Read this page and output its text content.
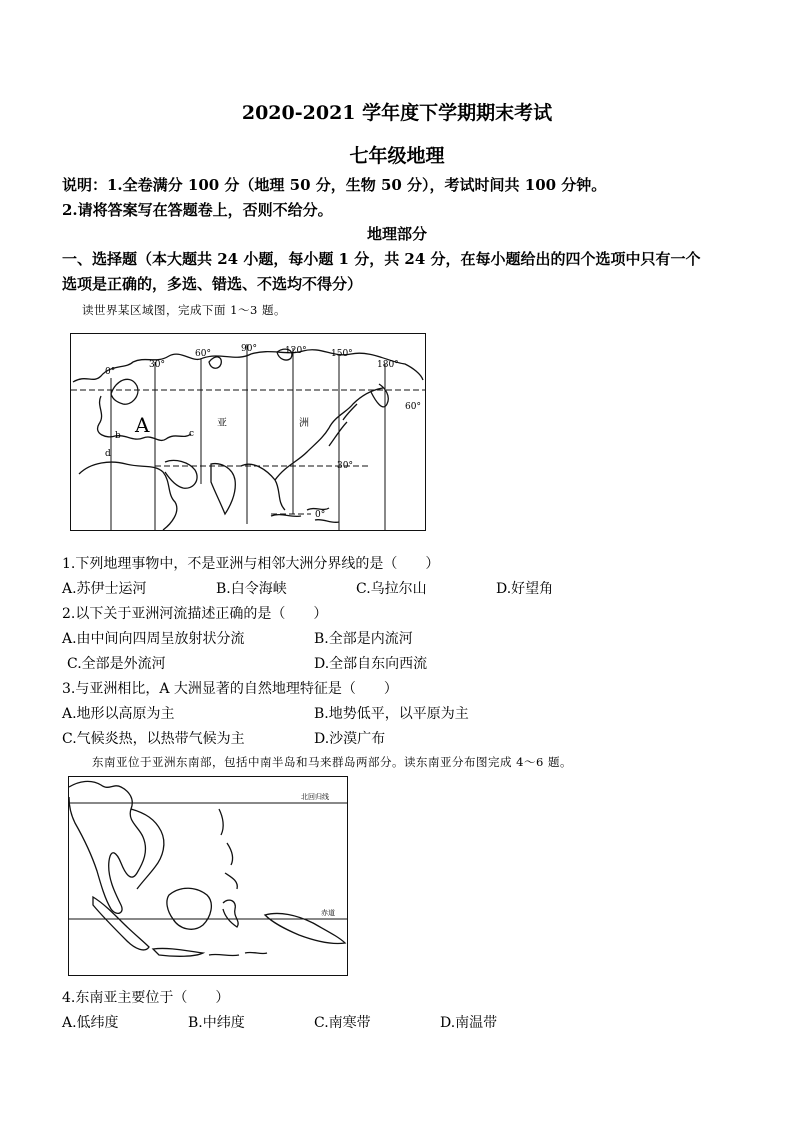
2020-2021 学年度下学期期末考试
七年级地理
说明：1.全卷满分 100 分（地理 50 分，生物 50 分），考试时间共 100 分钟。
2.请将答案写在答题卷上，否则不给分。
地理部分
一、选择题（本大题共 24 小题，每小题 1 分，共 24 分，在每小题给出的四个选项中只有一个
选项是正确的，多选、错选、不选均不得分）
读世界某区域图，完成下面 1～3 题。
0°
30°
60°	90°	120°	150°
180°
60°
30°
0°
A	亚	洲
b	c
d
1.下列地理事物中，不是亚洲与相邻大洲分界线的是（　　）
A.苏伊士运河	B.白令海峡	C.乌拉尔山	D.好望角
2.以下关于亚洲河流描述正确的是（　　）
A.由中间向四周呈放射状分流	B.全部是内流河
C.全部是外流河	D.全部自东向西流
3.与亚洲相比，A 大洲显著的自然地理特征是（　　）
A.地形以高原为主	B.地势低平，以平原为主
C.气候炎热，以热带气候为主	D.沙漠广布
东南亚位于亚洲东南部，包括中南半岛和马来群岛两部分。读东南亚分布图完成 4～6 题。
北回归线
赤道
4.东南亚主要位于（　　）
A.低纬度	B.中纬度	C.南寒带	D.南温带
